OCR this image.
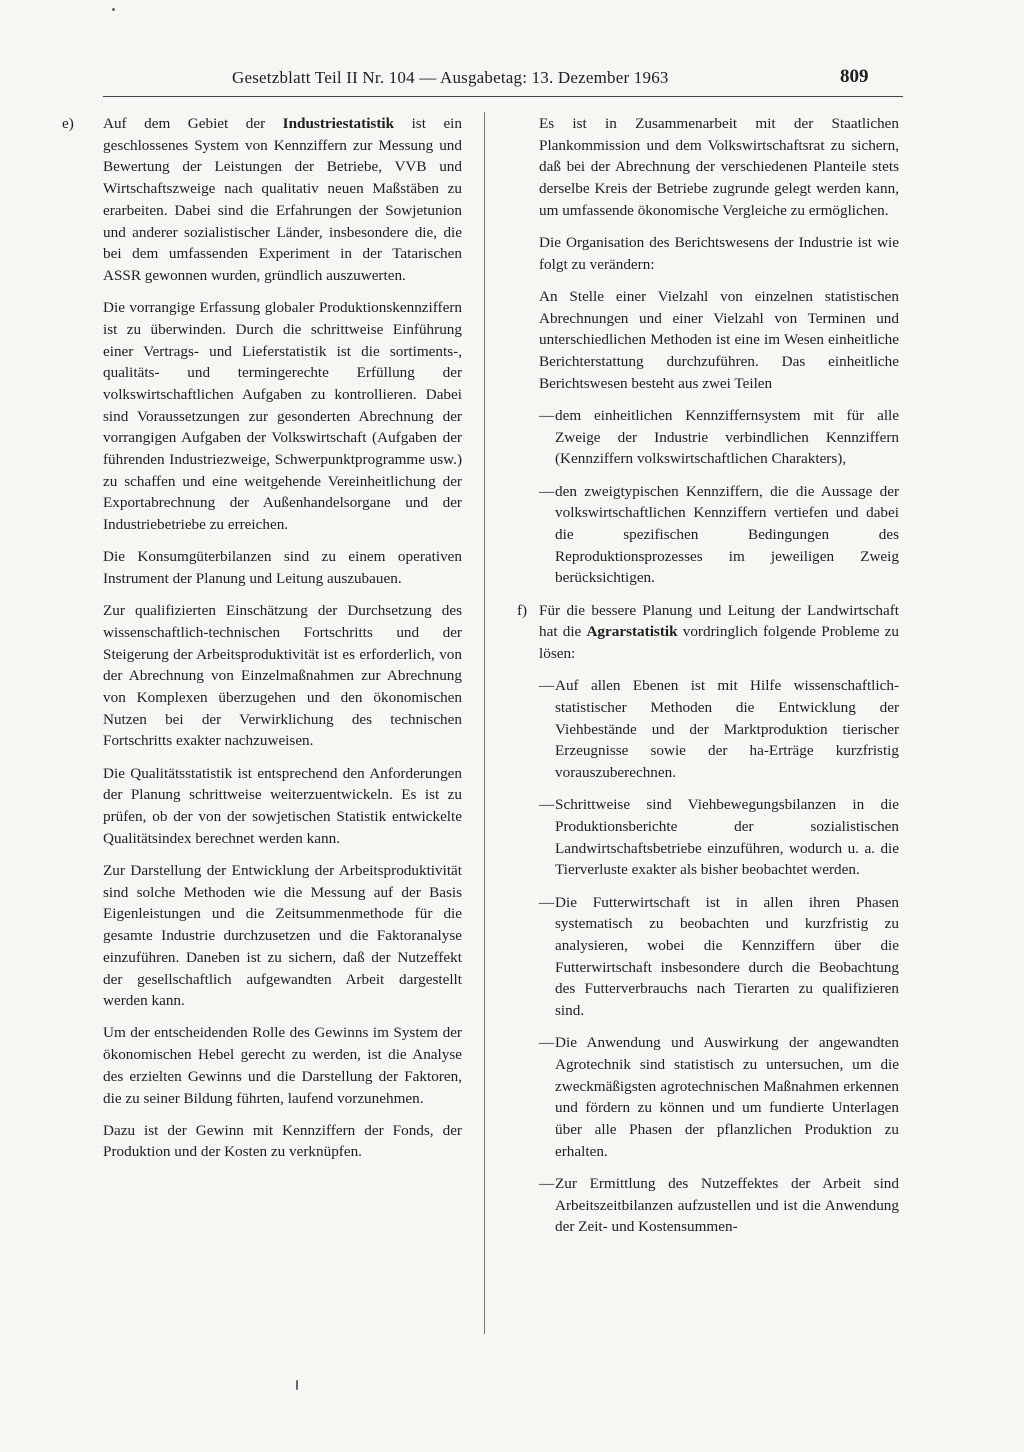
Gesetzblatt Teil II Nr. 104 — Ausgabetag: 13. Dezember 1963	809

e) Auf dem Gebiet der Industriestatistik ist ein geschlossenes System von Kennziffern zur Messung und Bewertung der Leistungen der Betriebe, VVB und Wirtschaftszweige nach qualitativ neuen Maßstäben zu erarbeiten. Dabei sind die Erfahrungen der Sowjetunion und anderer sozialistischer Länder, insbesondere die, die bei dem umfassenden Experiment in der Tatarischen ASSR gewonnen wurden, gründlich auszuwerten.

Die vorrangige Erfassung globaler Produktionskennziffern ist zu überwinden. Durch die schrittweise Einführung einer Vertrags- und Lieferstatistik ist die sortiments-, qualitäts- und termingerechte Erfüllung der volkswirtschaftlichen Aufgaben zu kontrollieren. Dabei sind Voraussetzungen zur gesonderten Abrechnung der vorrangigen Aufgaben der Volkswirtschaft (Aufgaben der führenden Industriezweige, Schwerpunktprogramme usw.) zu schaffen und eine weitgehende Vereinheitlichung der Exportabrechnung der Außenhandelsorgane und der Industriebetriebe zu erreichen.

Die Konsumgüterbilanzen sind zu einem operativen Instrument der Planung und Leitung auszubauen.

Zur qualifizierten Einschätzung der Durchsetzung des wissenschaftlich-technischen Fortschritts und der Steigerung der Arbeitsproduktivität ist es erforderlich, von der Abrechnung von Einzelmaßnahmen zur Abrechnung von Komplexen überzugehen und den ökonomischen Nutzen bei der Verwirklichung des technischen Fortschritts exakter nachzuweisen.

Die Qualitätsstatistik ist entsprechend den Anforderungen der Planung schrittweise weiterzuentwickeln. Es ist zu prüfen, ob der von der sowjetischen Statistik entwickelte Qualitätsindex berechnet werden kann.

Zur Darstellung der Entwicklung der Arbeitsproduktivität sind solche Methoden wie die Messung auf der Basis Eigenleistungen und die Zeitsummenmethode für die gesamte Industrie durchzusetzen und die Faktoranalyse einzuführen. Daneben ist zu sichern, daß der Nutzeffekt der gesellschaftlich aufgewandten Arbeit dargestellt werden kann.

Um der entscheidenden Rolle des Gewinns im System der ökonomischen Hebel gerecht zu werden, ist die Analyse des erzielten Gewinns und die Darstellung der Faktoren, die zu seiner Bildung führten, laufend vorzunehmen.

Dazu ist der Gewinn mit Kennziffern der Fonds, der Produktion und der Kosten zu verknüpfen.

Es ist in Zusammenarbeit mit der Staatlichen Plankommission und dem Volkswirtschaftsrat zu sichern, daß bei der Abrechnung der verschiedenen Planteile stets derselbe Kreis der Betriebe zugrunde gelegt werden kann, um umfassende ökonomische Vergleiche zu ermöglichen.

Die Organisation des Berichtswesens der Industrie ist wie folgt zu verändern:

An Stelle einer Vielzahl von einzelnen statistischen Abrechnungen und einer Vielzahl von Terminen und unterschiedlichen Methoden ist eine im Wesen einheitliche Berichterstattung durchzuführen. Das einheitliche Berichtswesen besteht aus zwei Teilen

— dem einheitlichen Kennziffernsystem mit für alle Zweige der Industrie verbindlichen Kennziffern (Kennziffern volkswirtschaftlichen Charakters),

— den zweigtypischen Kennziffern, die die Aussage der volkswirtschaftlichen Kennziffern vertiefen und dabei die spezifischen Bedingungen des Reproduktionsprozesses im jeweiligen Zweig berücksichtigen.

f) Für die bessere Planung und Leitung der Landwirtschaft hat die Agrarstatistik vordringlich folgende Probleme zu lösen:

— Auf allen Ebenen ist mit Hilfe wissenschaftlich-statistischer Methoden die Entwicklung der Viehbestände und der Marktproduktion tierischer Erzeugnisse sowie der ha-Erträge kurzfristig vorauszuberechnen.

— Schrittweise sind Viehbewegungsbilanzen in die Produktionsberichte der sozialistischen Landwirtschaftsbetriebe einzuführen, wodurch u. a. die Tierverluste exakter als bisher beobachtet werden.

— Die Futterwirtschaft ist in allen ihren Phasen systematisch zu beobachten und kurzfristig zu analysieren, wobei die Kennziffern über die Futterwirtschaft insbesondere durch die Beobachtung des Futterverbrauchs nach Tierarten zu qualifizieren sind.

— Die Anwendung und Auswirkung der angewandten Agrotechnik sind statistisch zu untersuchen, um die zweckmäßigsten agrotechnischen Maßnahmen erkennen und fördern zu können und um fundierte Unterlagen über alle Phasen der pflanzlichen Produktion zu erhalten.

— Zur Ermittlung des Nutzeffektes der Arbeit sind Arbeitszeitbilanzen aufzustellen und ist die Anwendung der Zeit- und Kostensummen-
